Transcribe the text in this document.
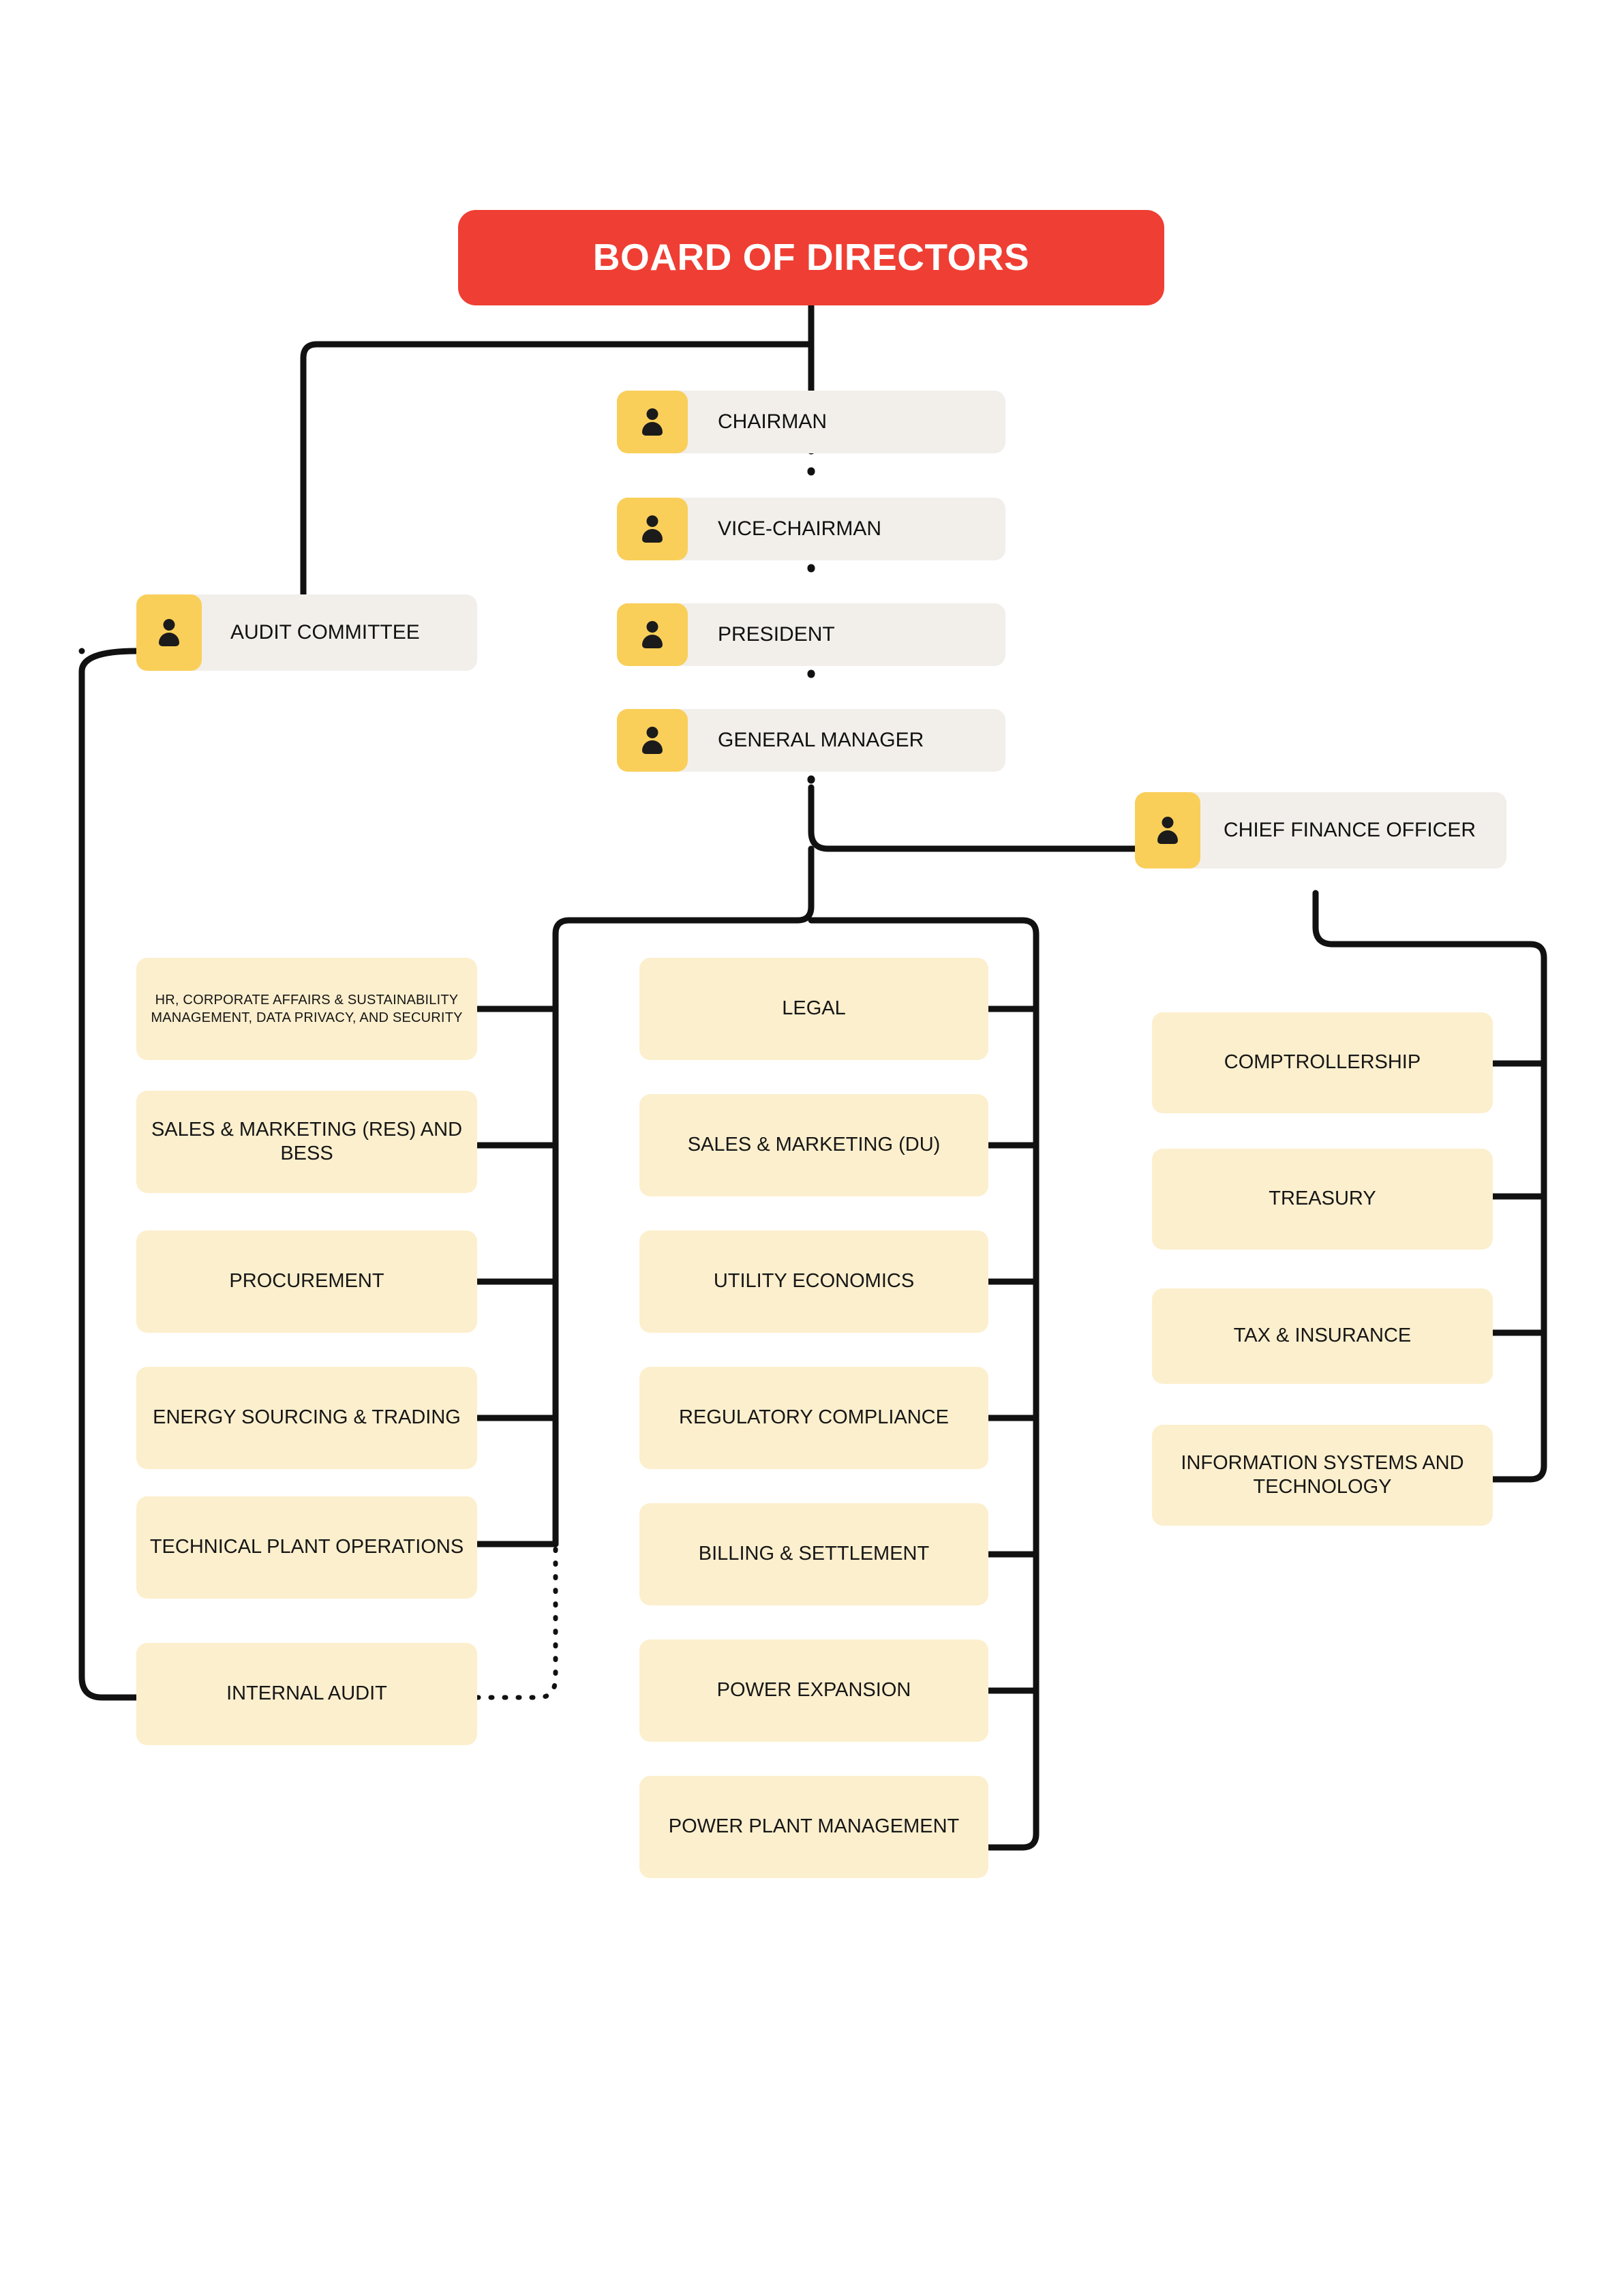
BOARD OF DIRECTORS
CHAIRMAN
VICE-CHAIRMAN
PRESIDENT
GENERAL MANAGER
AUDIT COMMITTEE
CHIEF FINANCE OFFICER
HR, CORPORATE AFFAIRS & SUSTAINABILITY MANAGEMENT, DATA PRIVACY, AND SECURITY
SALES & MARKETING (RES) AND BESS
PROCUREMENT
ENERGY SOURCING & TRADING
TECHNICAL PLANT OPERATIONS
INTERNAL AUDIT
LEGAL
SALES & MARKETING (DU)
UTILITY ECONOMICS
REGULATORY COMPLIANCE
BILLING & SETTLEMENT
POWER EXPANSION
POWER PLANT MANAGEMENT
COMPTROLLERSHIP
TREASURY
TAX & INSURANCE
INFORMATION SYSTEMS AND TECHNOLOGY
